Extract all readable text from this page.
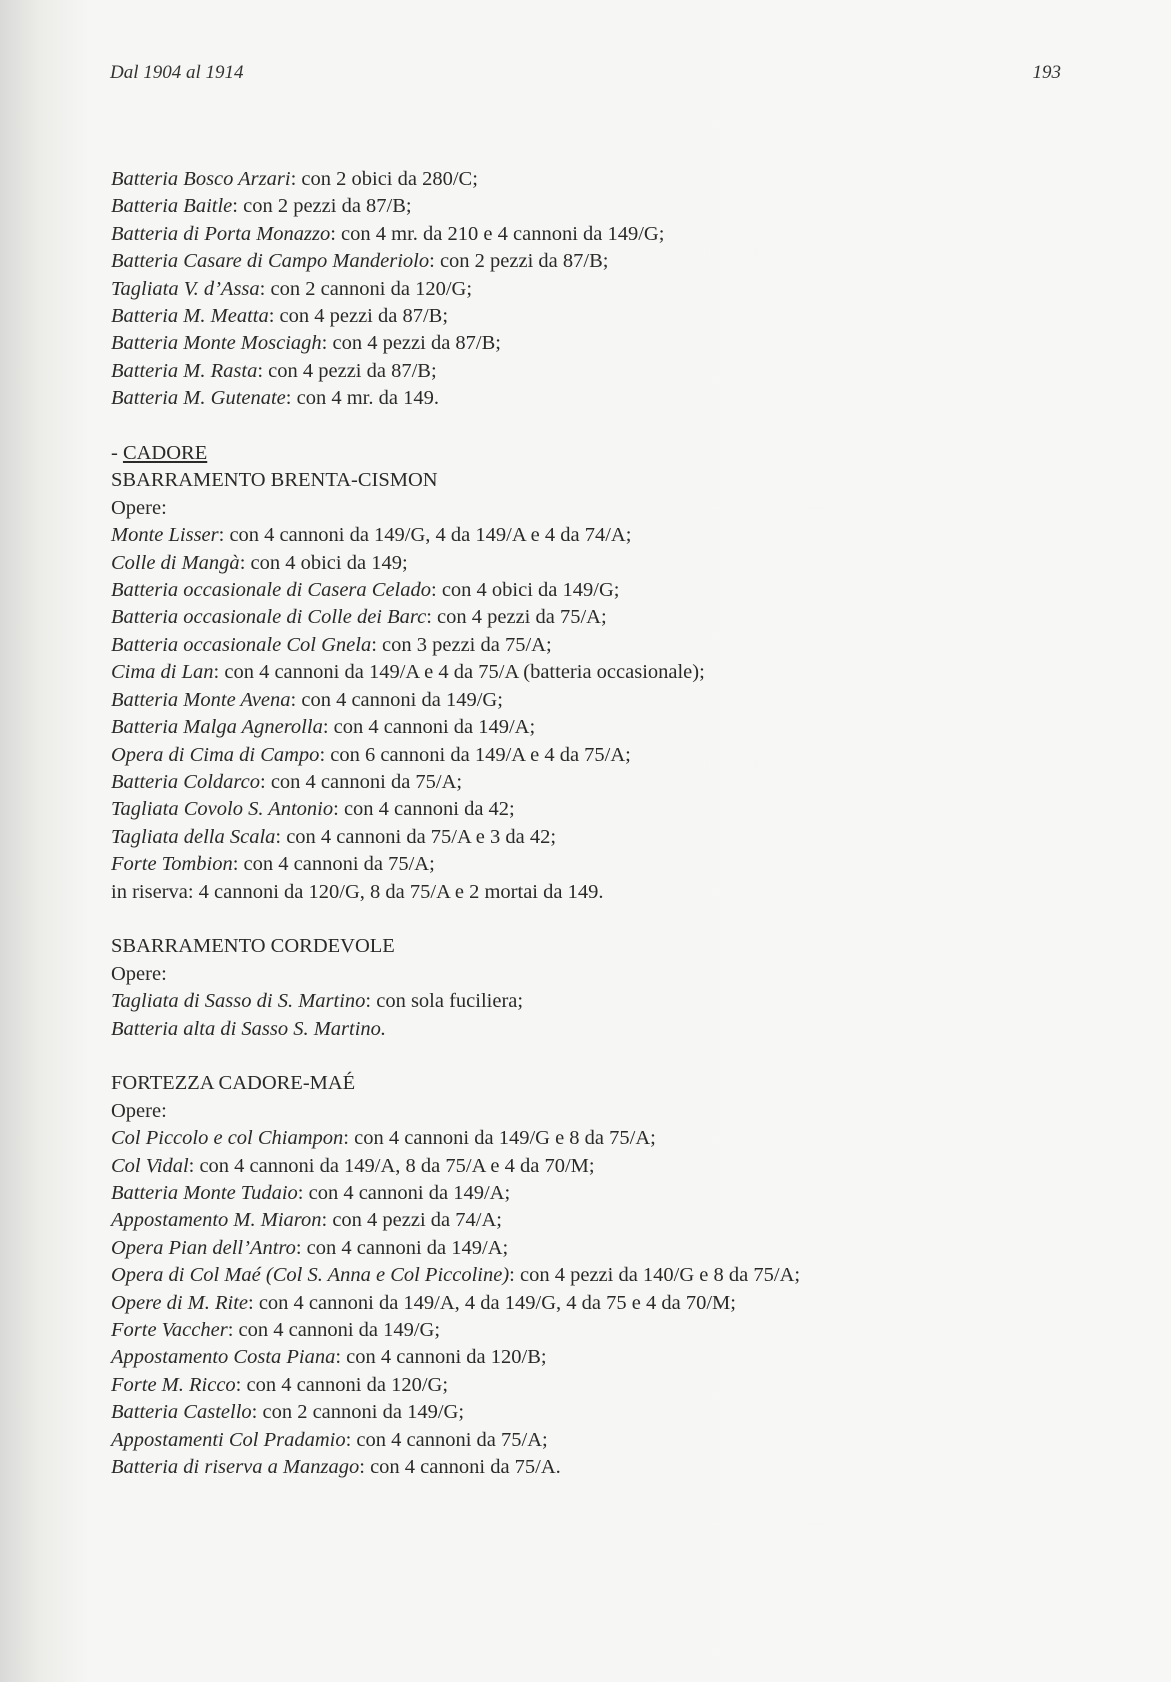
Dal 1904 al 1914	193
Batteria Bosco Arzari: con 2 obici da 280/C;
Batteria Baitle: con 2 pezzi da 87/B;
Batteria di Porta Monazzo: con 4 mr. da 210 e 4 cannoni da 149/G;
Batteria Casare di Campo Manderiolo: con 2 pezzi da 87/B;
Tagliata V. d’Assa: con 2 cannoni da 120/G;
Batteria M. Meatta: con 4 pezzi da 87/B;
Batteria Monte Mosciagh: con 4 pezzi da 87/B;
Batteria M. Rasta: con 4 pezzi da 87/B;
Batteria M. Gutenate: con 4 mr. da 149.
- CADORE
SBARRAMENTO BRENTA-CISMON
Opere:
Monte Lisser: con 4 cannoni da 149/G, 4 da 149/A e 4 da 74/A;
Colle di Mangà: con 4 obici da 149;
Batteria occasionale di Casera Celado: con 4 obici da 149/G;
Batteria occasionale di Colle dei Barc: con 4 pezzi da 75/A;
Batteria occasionale Col Gnela: con 3 pezzi da 75/A;
Cima di Lan: con 4 cannoni da 149/A e 4 da 75/A (batteria occasionale);
Batteria Monte Avena: con 4 cannoni da 149/G;
Batteria Malga Agnerolla: con 4 cannoni da 149/A;
Opera di Cima di Campo: con 6 cannoni da 149/A e 4 da 75/A;
Batteria Coldarco: con 4 cannoni da 75/A;
Tagliata Covolo S. Antonio: con 4 cannoni da 42;
Tagliata della Scala: con 4 cannoni da 75/A e 3 da 42;
Forte Tombion: con 4 cannoni da 75/A;
in riserva: 4 cannoni da 120/G, 8 da 75/A e 2 mortai da 149.
SBARRAMENTO CORDEVOLE
Opere:
Tagliata di Sasso di S. Martino: con sola fuciliera;
Batteria alta di Sasso S. Martino.
FORTEZZA CADORE-MAÉ
Opere:
Col Piccolo e col Chiampon: con 4 cannoni da 149/G e 8 da 75/A;
Col Vidal: con 4 cannoni da 149/A, 8 da 75/A e 4 da 70/M;
Batteria Monte Tudaio: con 4 cannoni da 149/A;
Appostamento M. Miaron: con 4 pezzi da 74/A;
Opera Pian dell’Antro: con 4 cannoni da 149/A;
Opera di Col Maé (Col S. Anna e Col Piccoline): con 4 pezzi da 140/G e 8 da 75/A;
Opere di M. Rite: con 4 cannoni da 149/A, 4 da 149/G, 4 da 75 e 4 da 70/M;
Forte Vaccher: con 4 cannoni da 149/G;
Appostamento Costa Piana: con 4 cannoni da 120/B;
Forte M. Ricco: con 4 cannoni da 120/G;
Batteria Castello: con 2 cannoni da 149/G;
Appostamenti Col Pradamio: con 4 cannoni da 75/A;
Batteria di riserva a Manzago: con 4 cannoni da 75/A.
